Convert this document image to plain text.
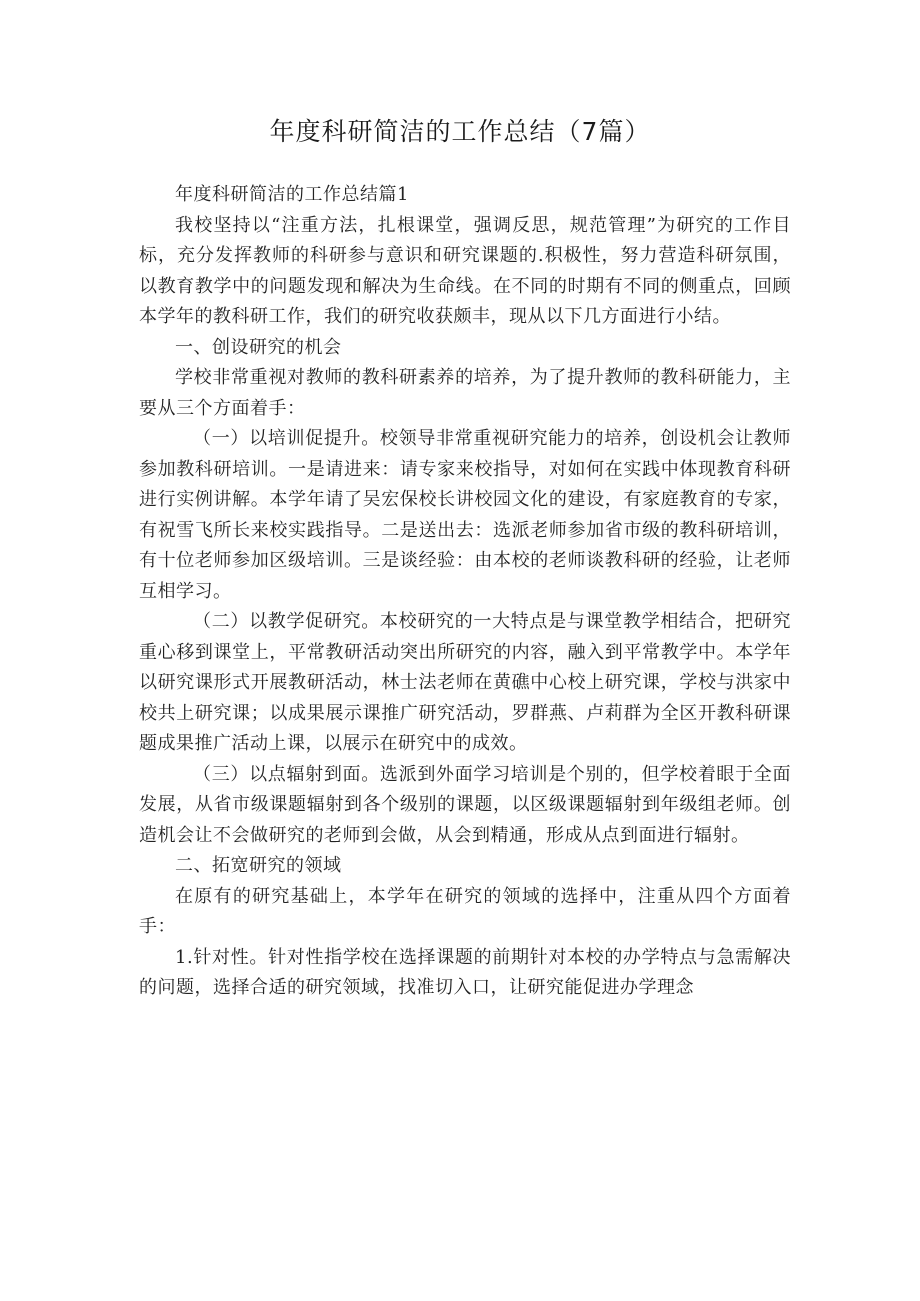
年度科研简洁的工作总结（7篇）

年度科研简洁的工作总结篇1

我校坚持以“注重方法，扎根课堂，强调反思，规范管理”为研究的工作目标，充分发挥教师的科研参与意识和研究课题的.积极性，努力营造科研氛围，以教育教学中的问题发现和解决为生命线。在不同的时期有不同的侧重点，回顾本学年的教科研工作，我们的研究收获颇丰，现从以下几方面进行小结。

一、创设研究的机会

学校非常重视对教师的教科研素养的培养，为了提升教师的教科研能力，主要从三个方面着手：

（一）以培训促提升。校领导非常重视研究能力的培养，创设机会让教师参加教科研培训。一是请进来：请专家来校指导，对如何在实践中体现教育科研进行实例讲解。本学年请了吴宏保校长讲校园文化的建设，有家庭教育的专家，有祝雪飞所长来校实践指导。二是送出去：选派老师参加省市级的教科研培训，有十位老师参加区级培训。三是谈经验：由本校的老师谈教科研的经验，让老师互相学习。

（二）以教学促研究。本校研究的一大特点是与课堂教学相结合，把研究重心移到课堂上，平常教研活动突出所研究的内容，融入到平常教学中。本学年以研究课形式开展教研活动，林士法老师在黄礁中心校上研究课，学校与洪家中校共上研究课；以成果展示课推广研究活动，罗群燕、卢莉群为全区开教科研课题成果推广活动上课，以展示在研究中的成效。

（三）以点辐射到面。选派到外面学习培训是个别的，但学校着眼于全面发展，从省市级课题辐射到各个级别的课题，以区级课题辐射到年级组老师。创造机会让不会做研究的老师到会做，从会到精通，形成从点到面进行辐射。

二、拓宽研究的领域

在原有的研究基础上，本学年在研究的领域的选择中，注重从四个方面着手：

1.针对性。针对性指学校在选择课题的前期针对本校的办学特点与急需解决的问题，选择合适的研究领域，找准切入口，让研究能促进办学理念
